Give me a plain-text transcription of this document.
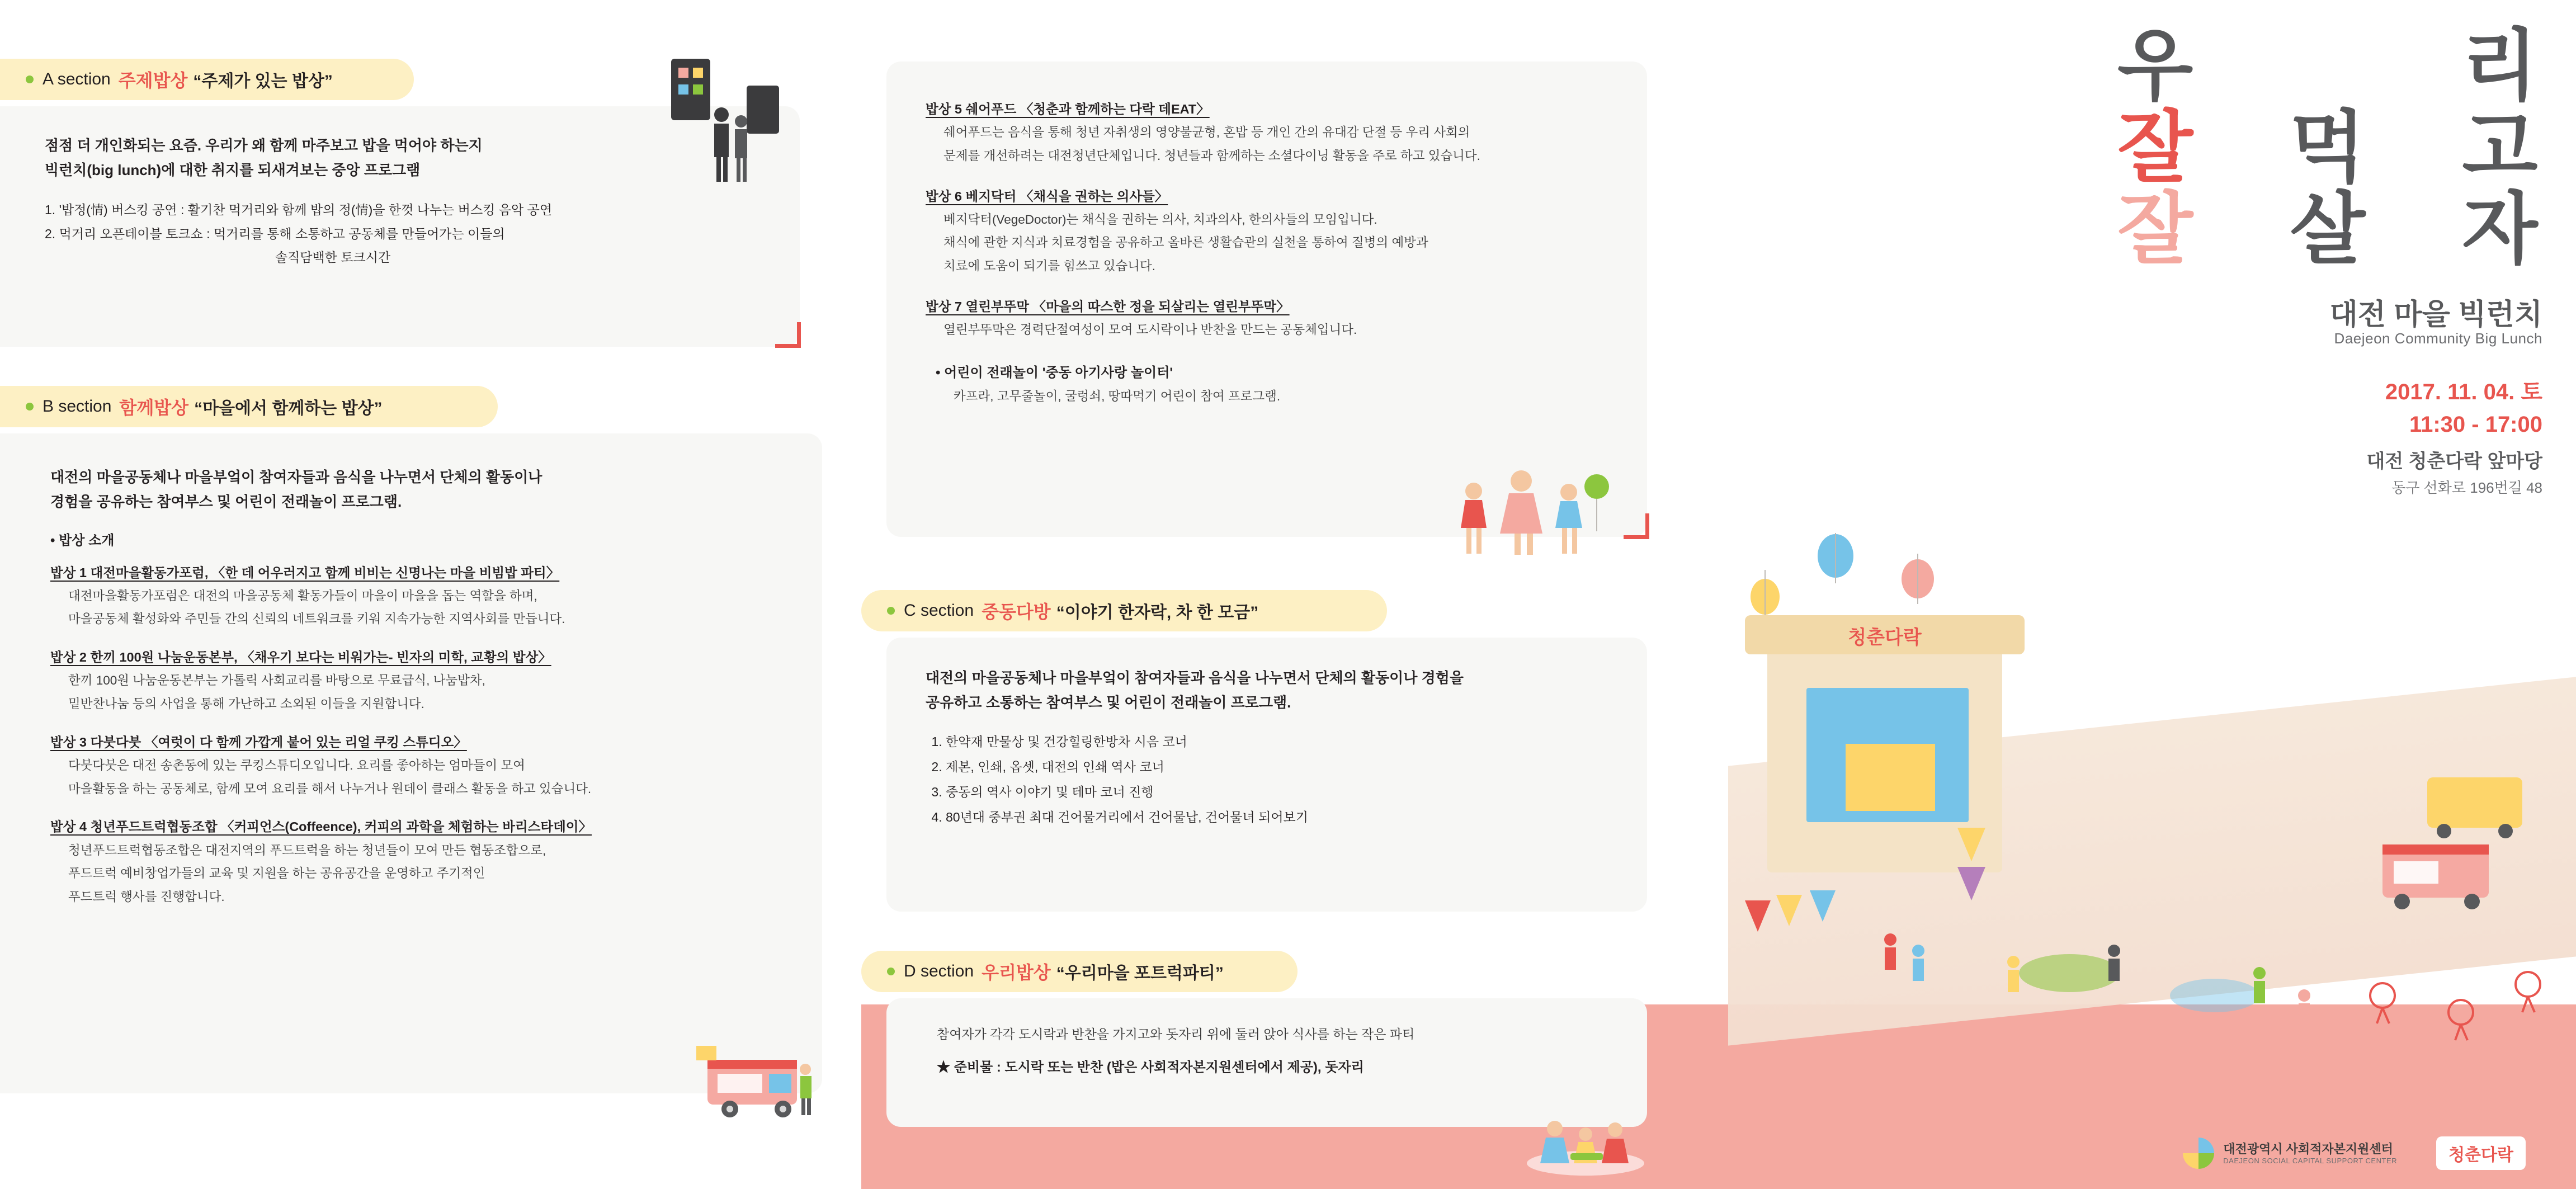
A section 주제밥상 “주제가 있는 밥상”
점점 더 개인화되는 요즘. 우리가 왜 함께 마주보고 밥을 먹어야 하는지
빅런치(big lunch)에 대한 취지를 되새겨보는 중앙 프로그램
1. '밥정(情) 버스킹 공연 : 활기찬 먹거리와 함께 밥의 정(情)을 한껏 나누는 버스킹 음악 공연
2. 먹거리 오픈테이블 토크쇼 : 먹거리를 통해 소통하고 공동체를 만들어가는 이들의
솔직담백한 토크시간
B section 함께밥상 “마을에서 함께하는 밥상”
대전의 마을공동체나 마을부엌이 참여자들과 음식을 나누면서 단체의 활동이나
경험을 공유하는 참여부스 및 어린이 전래놀이 프로그램.
• 밥상 소개
밥상 1 대전마을활동가포럼, 〈한 데 어우러지고 함께 비비는 신명나는 마을 비빔밥 파티〉
대전마을활동가포럼은 대전의 마을공동체 활동가들이 마을이 마을을 돕는 역할을 하며,
마을공동체 활성화와 주민들 간의 신뢰의 네트워크를 키워 지속가능한 지역사회를 만듭니다.
밥상 2 한끼 100원 나눔운동본부, 〈채우기 보다는 비워가는- 빈자의 미학, 교황의 밥상〉
한끼 100원 나눔운동본부는 가톨릭 사회교리를 바탕으로 무료급식, 나눔밥차,
밑반찬나눔 등의 사업을 통해 가난하고 소외된 이들을 지원합니다.
밥상 3 다붓다붓 〈여럿이 다 함께 가깝게 붙어 있는 리얼 쿠킹 스튜디오〉
다붓다붓은 대전 송촌동에 있는 쿠킹스튜디오입니다. 요리를 좋아하는 엄마들이 모여
마을활동을 하는 공동체로, 함께 모여 요리를 해서 나누거나 원데이 클래스 활동을 하고 있습니다.
밥상 4 청년푸드트럭협동조합 〈커피언스(Coffeence), 커피의 과학을 체험하는 바리스타데이〉
청년푸드트럭협동조합은 대전지역의 푸드트럭을 하는 청년들이 모여 만든 협동조합으로,
푸드트럭 예비창업가들의 교육 및 지원을 하는 공유공간을 운영하고 주기적인
푸드트럭 행사를 진행합니다.
밥상 5 쉐어푸드 〈청춘과 함께하는 다락 데EAT〉
쉐어푸드는 음식을 통해 청년 자취생의 영양불균형, 혼밥 등 개인 간의 유대감 단절 등 우리 사회의
문제를 개선하려는 대전청년단체입니다. 청년들과 함께하는 소셜다이닝 활동을 주로 하고 있습니다.
밥상 6 베지닥터 〈채식을 권하는 의사들〉
베지닥터(VegeDoctor)는 채식을 권하는 의사, 치과의사, 한의사들의 모임입니다.
채식에 관한 지식과 치료경험을 공유하고 올바른 생활습관의 실천을 통하여 질병의 예방과
치료에 도움이 되기를 힘쓰고 있습니다.
밥상 7 열린부뚜막 〈마을의 따스한 정을 되살리는 열린부뚜막〉
열린부뚜막은 경력단절여성이 모여 도시락이나 반찬을 만드는 공동체입니다.
• 어린이 전래놀이 '중동 아기사랑 놀이터'
카프라, 고무줄놀이, 굴렁쇠, 땅따먹기 어린이 참여 프로그램.
C section 중동다방 “이야기 한자락, 차 한 모금”
대전의 마을공동체나 마을부엌이 참여자들과 음식을 나누면서 단체의 활동이나 경험을
공유하고 소통하는 참여부스 및 어린이 전래놀이 프로그램.
1. 한약재 만물상 및 건강힐링한방차 시음 코너
2. 제본, 인쇄, 옵셋, 대전의 인쇄 역사 코너
3. 중동의 역사 이야기 및 테마 코너 진행
4. 80년대 중부권 최대 건어물거리에서 건어물납, 건어물녀 되어보기
D section 우리밥상 “우리마을 포트럭파티”
참여자가 각각 도시락과 반찬을 가지고와 돗자리 위에 둘러 앉아 식사를 하는 작은 파티
★ 준비물 : 도시락 또는 반찬 (밥은 사회적자본지원센터에서 제공), 돗자리
우	리
잘 먹 고
잘 살 자
대전 마을 빅런치
Daejeon Community Big Lunch
2017. 11. 04. 토
11:30 - 17:00
대전 청춘다락 앞마당
동구 선화로 196번길 48
청춘다락
대전광역시 사회적자본지원센터
DAEJEON SOCIAL CAPITAL SUPPORT CENTER	청춘다락
